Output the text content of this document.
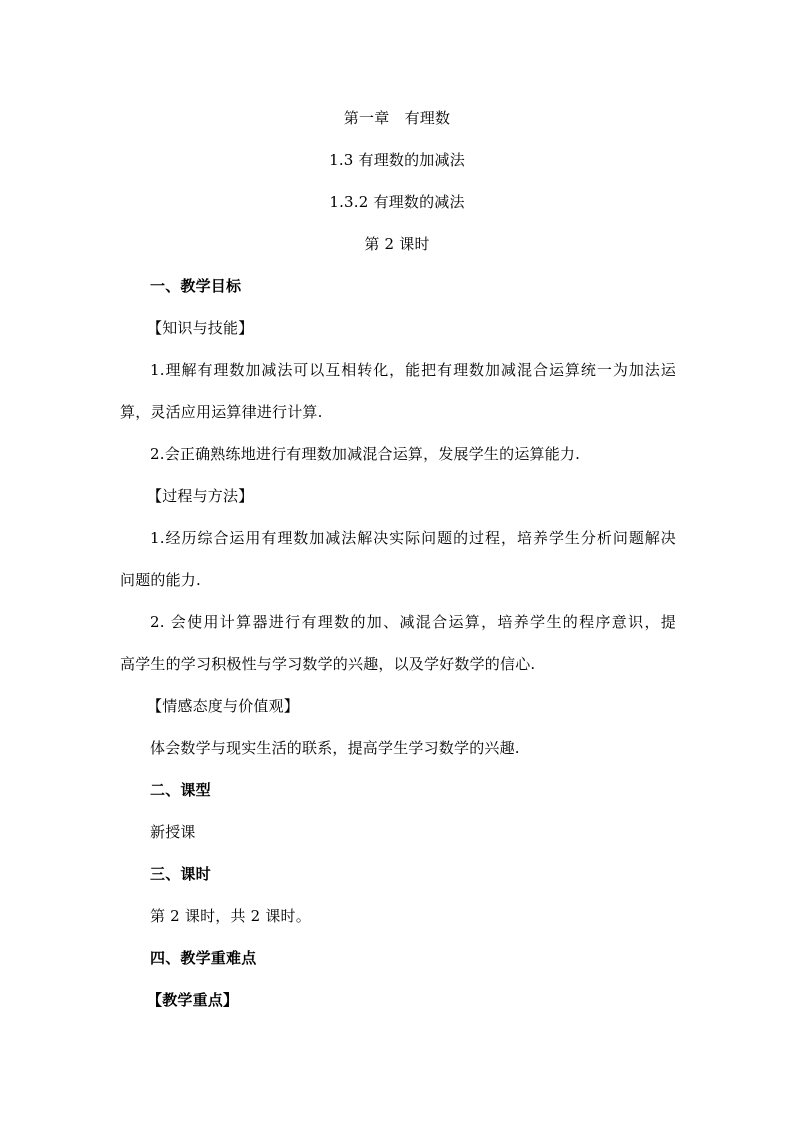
第一章　有理数
1.3 有理数的加减法
1.3.2 有理数的减法
第 2 课时
一、教学目标
【知识与技能】
1.理解有理数加减法可以互相转化，能把有理数加减混合运算统一为加法运
算，灵活应用运算律进行计算.
2.会正确熟练地进行有理数加减混合运算，发展学生的运算能力.
【过程与方法】
1.经历综合运用有理数加减法解决实际问题的过程，培养学生分析问题解决
问题的能力.
2. 会使用计算器进行有理数的加、减混合运算，培养学生的程序意识，提
高学生的学习积极性与学习数学的兴趣，以及学好数学的信心.
【情感态度与价值观】
体会数学与现实生活的联系，提高学生学习数学的兴趣.
二、课型
新授课
三、课时
第 2 课时，共 2 课时。
四、教学重难点
【教学重点】
